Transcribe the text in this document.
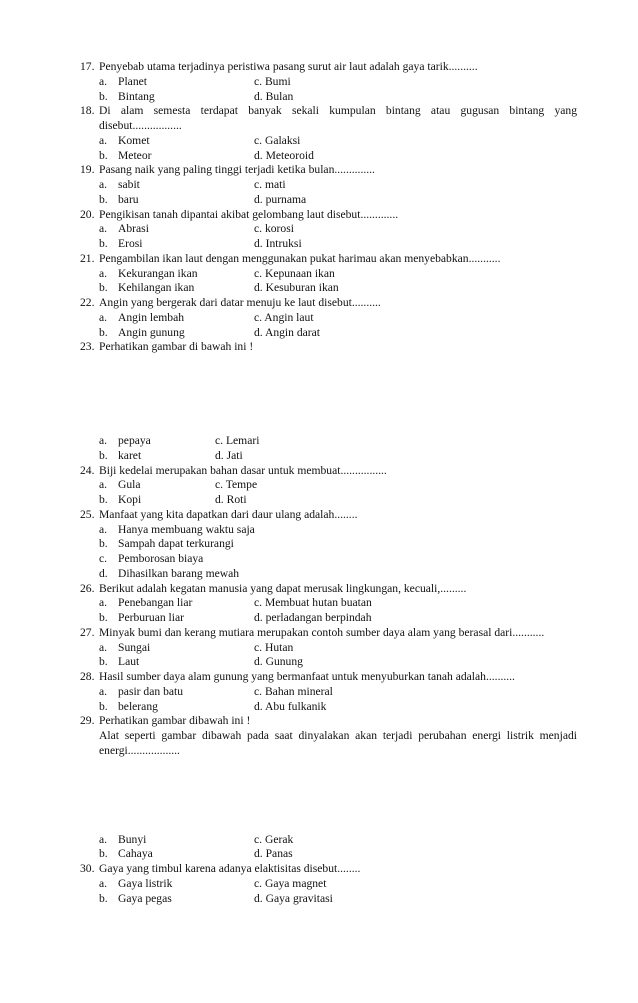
17. Penyebab utama terjadinya peristiwa pasang surut air laut adalah gaya tarik..........
a. Planet	c. Bumi
b. Bintang	d. Bulan
18. Di alam semesta terdapat banyak sekali kumpulan bintang atau gugusan bintang yang disebut.................
a. Komet	c. Galaksi
b. Meteor	d. Meteoroid
19. Pasang naik yang paling tinggi terjadi ketika bulan..............
a. sabit	c. mati
b. baru	d. purnama
20. Pengikisan tanah dipantai akibat gelombang laut disebut.............
a. Abrasi	c. korosi
b. Erosi	d. Intruksi
21. Pengambilan ikan laut dengan menggunakan pukat harimau akan menyebabkan...........
a. Kekurangan ikan	c. Kepunaan ikan
b. Kehilangan ikan	d. Kesuburan ikan
22. Angin yang bergerak dari datar menuju ke laut disebut..........
a. Angin lembah	c. Angin laut
b. Angin gunung	d. Angin darat
23. Perhatikan gambar di bawah ini !
a. pepaya	c. Lemari
b. karet	d. Jati
24. Biji kedelai merupakan bahan dasar untuk membuat................
a. Gula	c. Tempe
b. Kopi	d. Roti
25. Manfaat yang kita dapatkan dari daur ulang adalah........
a. Hanya membuang waktu saja
b. Sampah dapat terkurangi
c. Pemborosan biaya
d. Dihasilkan barang mewah
26. Berikut adalah kegatan manusia yang dapat merusak lingkungan, kecuali,.........
a. Penebangan liar	c. Membuat hutan buatan
b. Perburuan liar	d. perladangan berpindah
27. Minyak bumi dan kerang mutiara merupakan contoh sumber daya alam yang berasal dari...........
a. Sungai	c. Hutan
b. Laut	d. Gunung
28. Hasil sumber daya alam gunung yang bermanfaat untuk menyuburkan tanah adalah..........
a. pasir dan batu	c. Bahan mineral
b. belerang	d. Abu fulkanik
29. Perhatikan gambar dibawah ini !
Alat seperti gambar dibawah pada saat dinyalakan akan terjadi perubahan energi listrik menjadi energi..................
a. Bunyi	c. Gerak
b. Cahaya	d. Panas
30. Gaya yang timbul karena adanya elaktisitas disebut........
a. Gaya listrik	c. Gaya magnet
b. Gaya pegas	d. Gaya gravitasi
